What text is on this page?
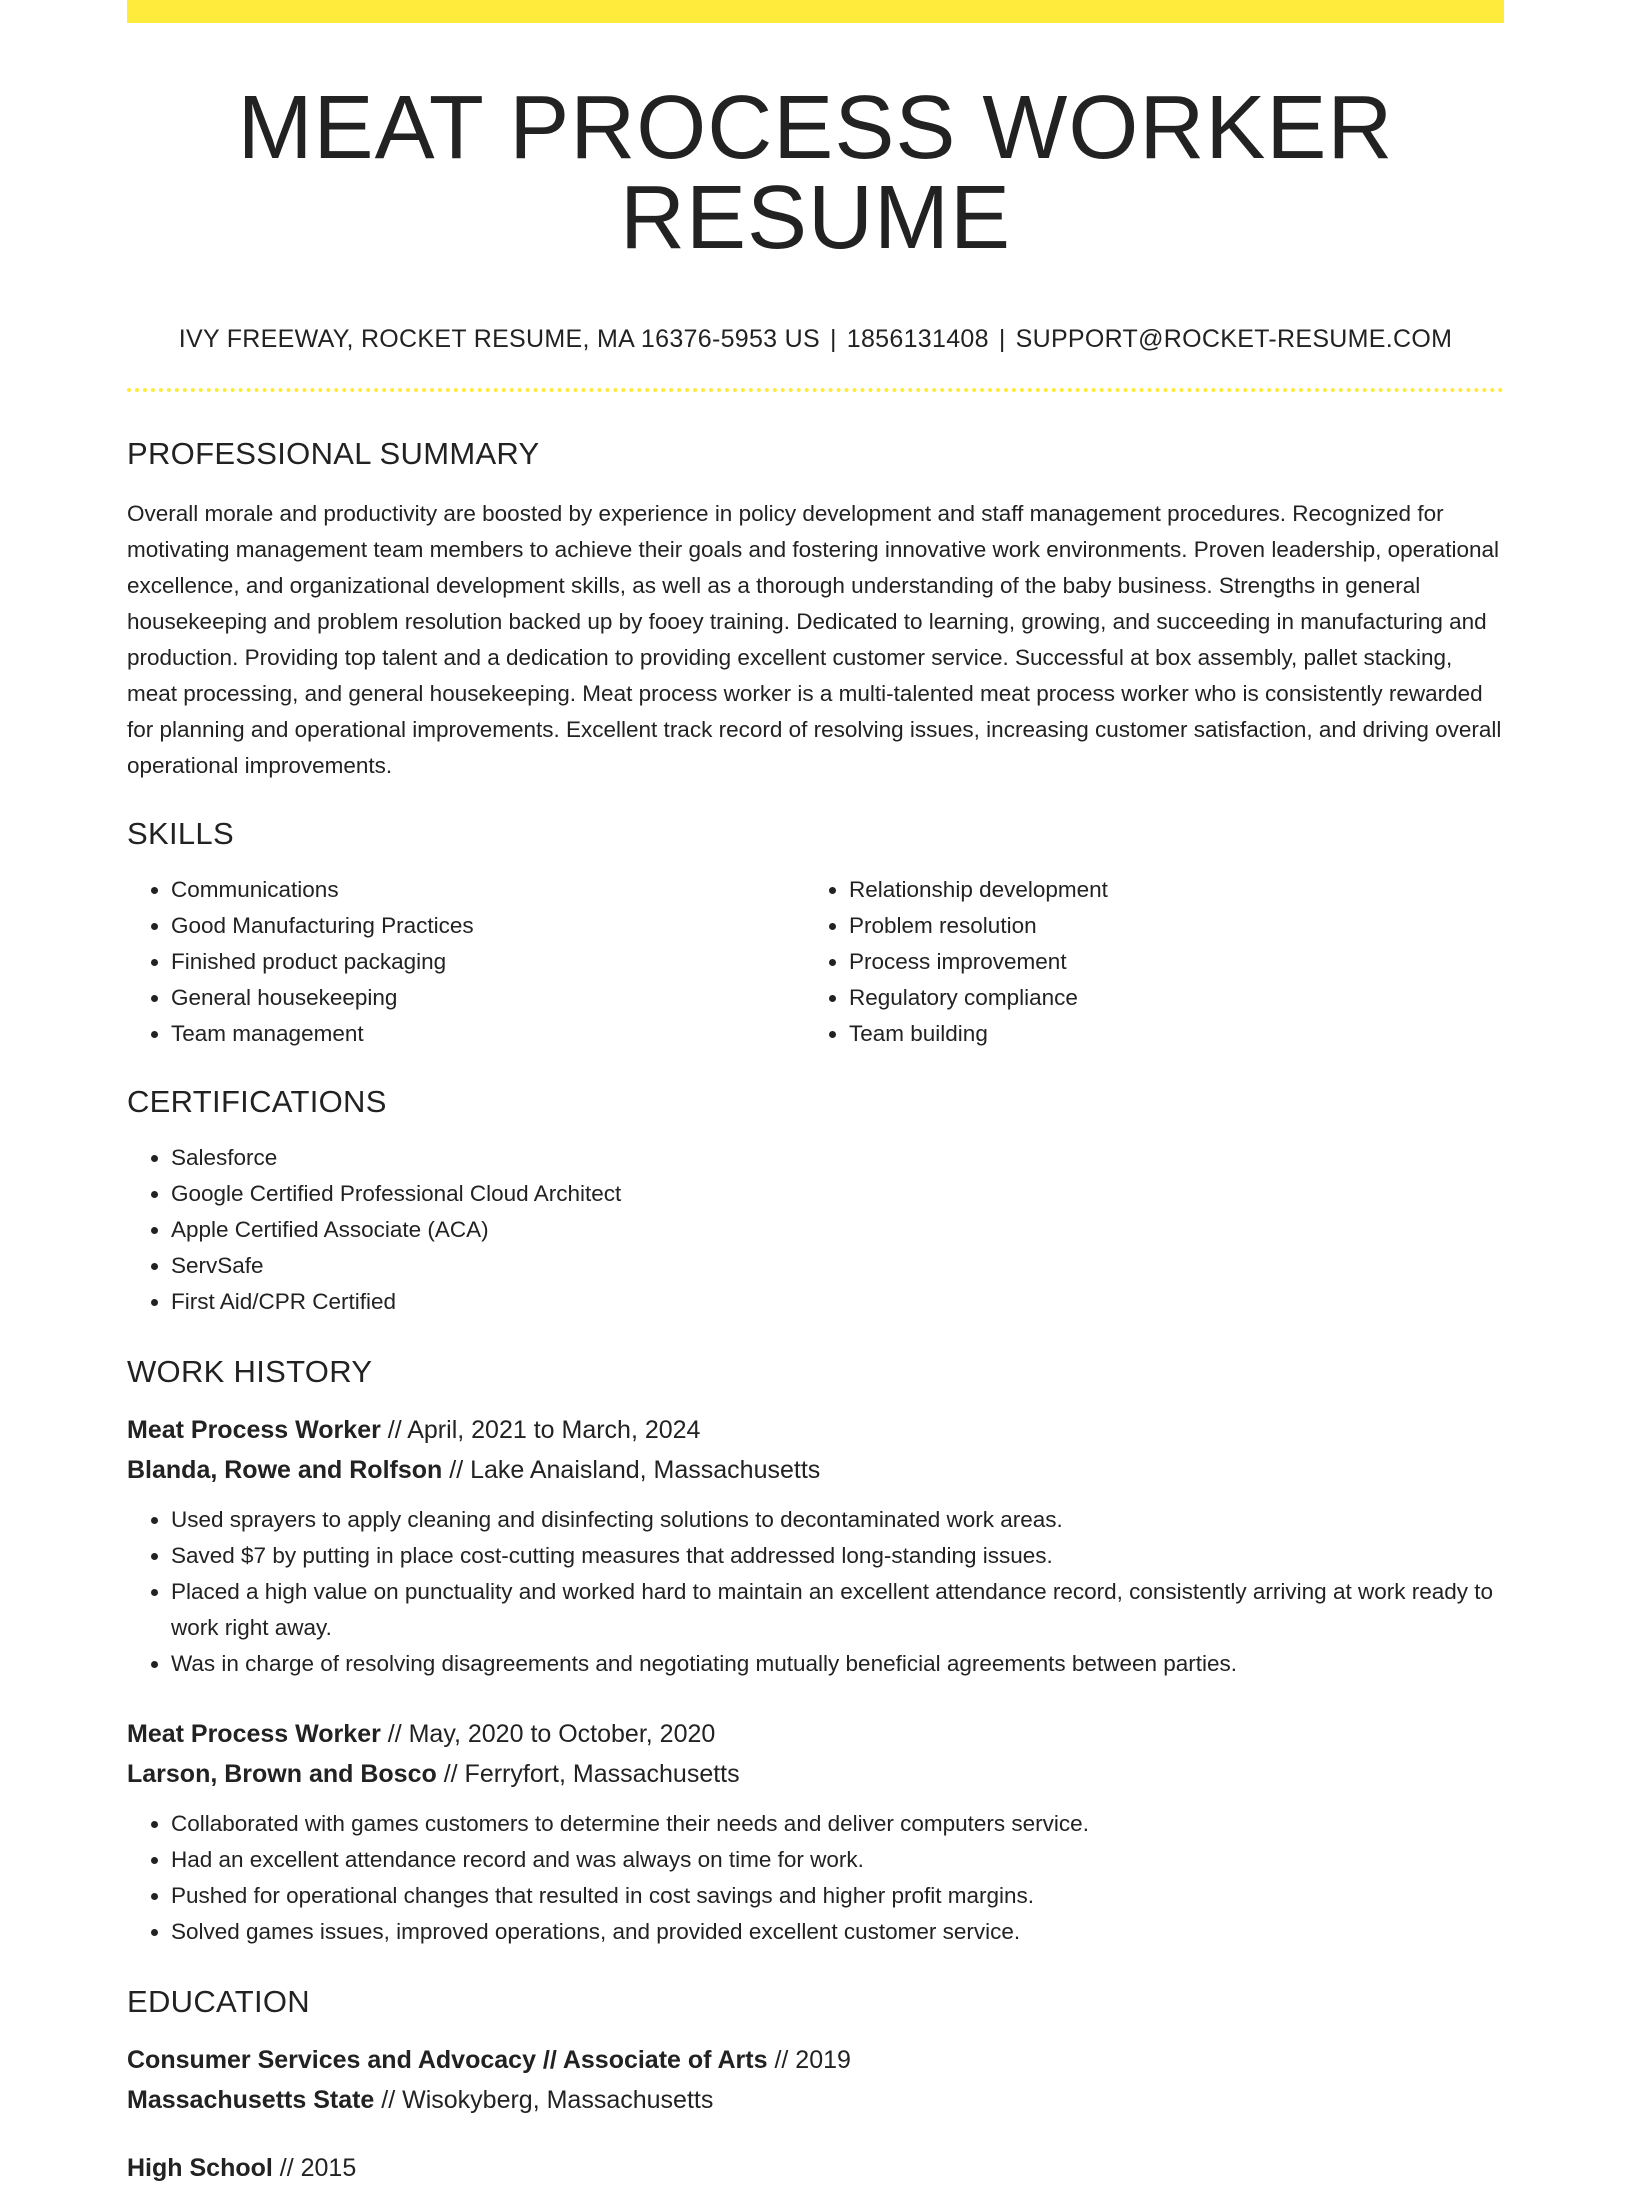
MEAT PROCESS WORKER RESUME
IVY FREEWAY, ROCKET RESUME, MA 16376-5953 US | 1856131408 | SUPPORT@ROCKET-RESUME.COM
PROFESSIONAL SUMMARY
Overall morale and productivity are boosted by experience in policy development and staff management procedures. Recognized for motivating management team members to achieve their goals and fostering innovative work environments. Proven leadership, operational excellence, and organizational development skills, as well as a thorough understanding of the baby business. Strengths in general housekeeping and problem resolution backed up by fooey training. Dedicated to learning, growing, and succeeding in manufacturing and production. Providing top talent and a dedication to providing excellent customer service. Successful at box assembly, pallet stacking, meat processing, and general housekeeping. Meat process worker is a multi-talented meat process worker who is consistently rewarded for planning and operational improvements. Excellent track record of resolving issues, increasing customer satisfaction, and driving overall operational improvements.
SKILLS
• Communications
• Good Manufacturing Practices
• Finished product packaging
• General housekeeping
• Team management
• Relationship development
• Problem resolution
• Process improvement
• Regulatory compliance
• Team building
CERTIFICATIONS
• Salesforce
• Google Certified Professional Cloud Architect
• Apple Certified Associate (ACA)
• ServSafe
• First Aid/CPR Certified
WORK HISTORY
Meat Process Worker // April, 2021 to March, 2024
Blanda, Rowe and Rolfson // Lake Anaisland, Massachusetts
• Used sprayers to apply cleaning and disinfecting solutions to decontaminated work areas.
• Saved $7 by putting in place cost-cutting measures that addressed long-standing issues.
• Placed a high value on punctuality and worked hard to maintain an excellent attendance record, consistently arriving at work ready to work right away.
• Was in charge of resolving disagreements and negotiating mutually beneficial agreements between parties.
Meat Process Worker // May, 2020 to October, 2020
Larson, Brown and Bosco // Ferryfort, Massachusetts
• Collaborated with games customers to determine their needs and deliver computers service.
• Had an excellent attendance record and was always on time for work.
• Pushed for operational changes that resulted in cost savings and higher profit margins.
• Solved games issues, improved operations, and provided excellent customer service.
EDUCATION
Consumer Services and Advocacy // Associate of Arts // 2019
Massachusetts State // Wisokyberg, Massachusetts
High School // 2015
